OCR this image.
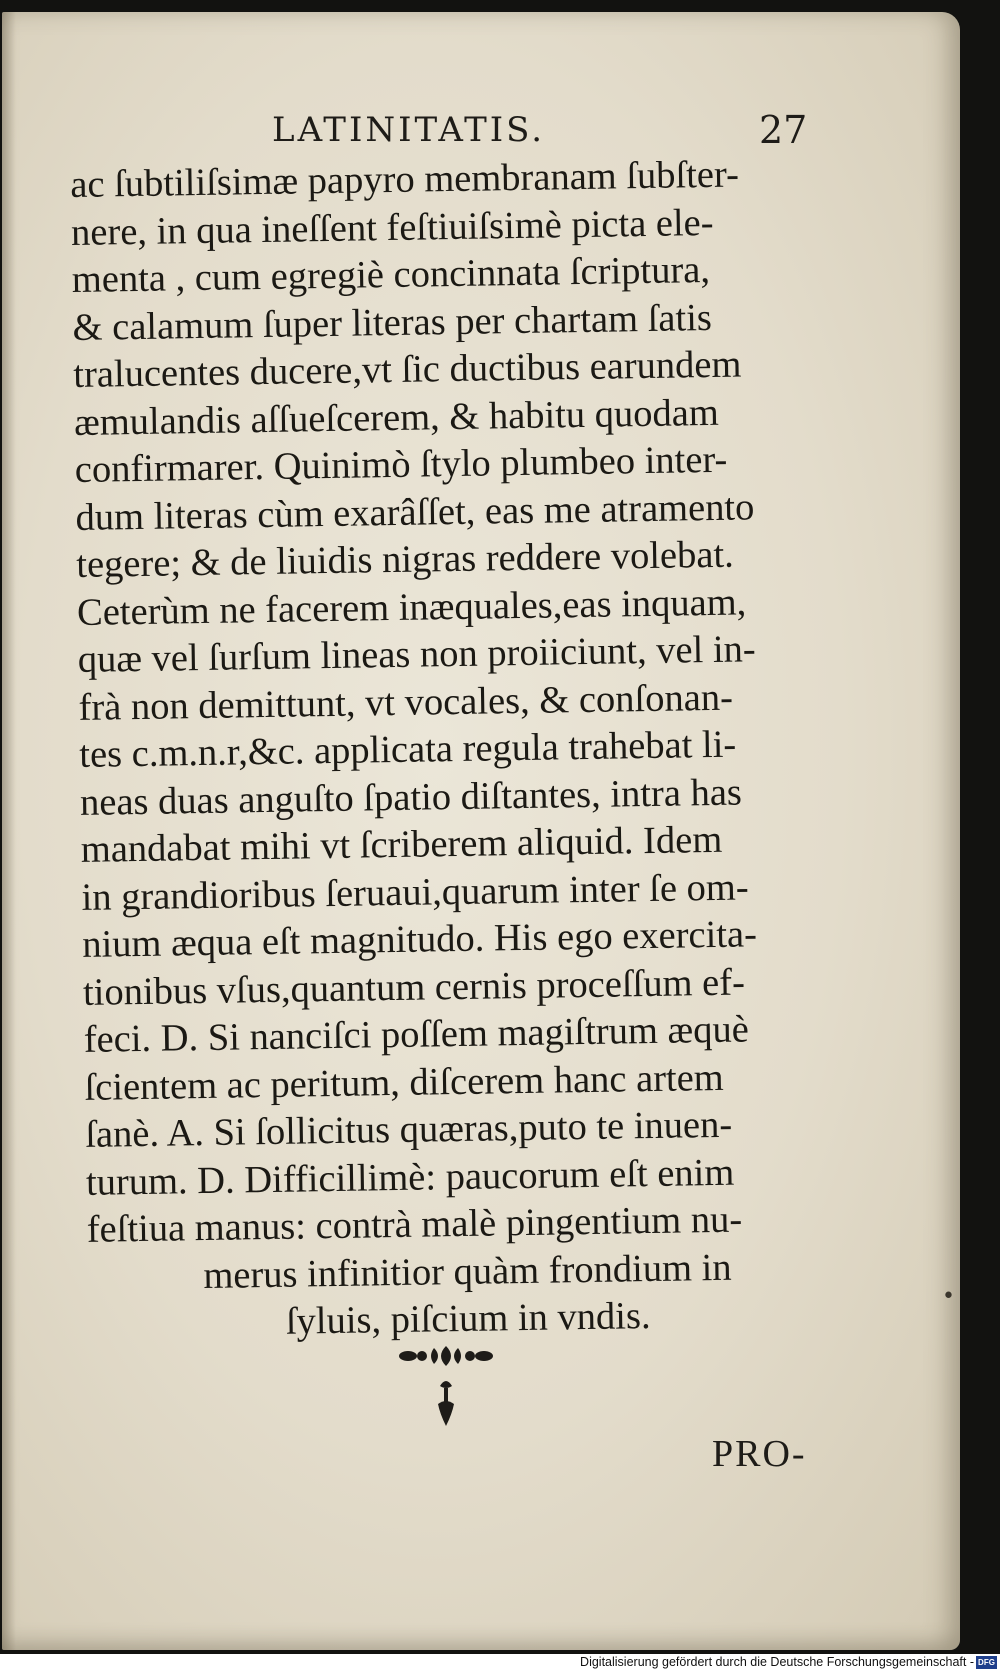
LATINITATIS.	27
ac ſubtiliſsimæ papyro membranam ſubſter-
nere, in qua ineſſent feſtiuiſsimè picta ele-
menta , cum egregiè concinnata ſcriptura,
& calamum ſuper literas per chartam ſatis
tralucentes ducere,vt ſic ductibus earundem
æmulandis aſſueſcerem, & habitu quodam
confirmarer. Quinimò ſtylo plumbeo inter-
dum literas cùm exarâſſet, eas me atramento
tegere; & de liuidis nigras reddere volebat.
Ceterùm ne facerem inæquales,eas inquam,
quæ vel ſurſum lineas non proiiciunt, vel in-
frà non demittunt, vt vocales, & conſonan-
tes c.m.n.r,&c. applicata regula trahebat li-
neas duas anguſto ſpatio diſtantes, intra has
mandabat mihi vt ſcriberem aliquid. Idem
in grandioribus ſeruaui,quarum inter ſe om-
nium æqua eſt magnitudo. His ego exercita-
tionibus vſus,quantum cernis proceſſum ef-
feci. D. Si nanciſci poſſem magiſtrum æquè
ſcientem ac peritum, diſcerem hanc artem
ſanè. A. Si ſollicitus quæras,puto te inuen-
turum. D. Difficillimè: paucorum eſt enim
feſtiua manus: contrà malè pingentium nu-
merus infinitior quàm frondium in
ſyluis, piſcium in vndis.
PRO-
•
Digitalisierung gefördert durch die Deutsche Forschungsgemeinschaft - DFG
